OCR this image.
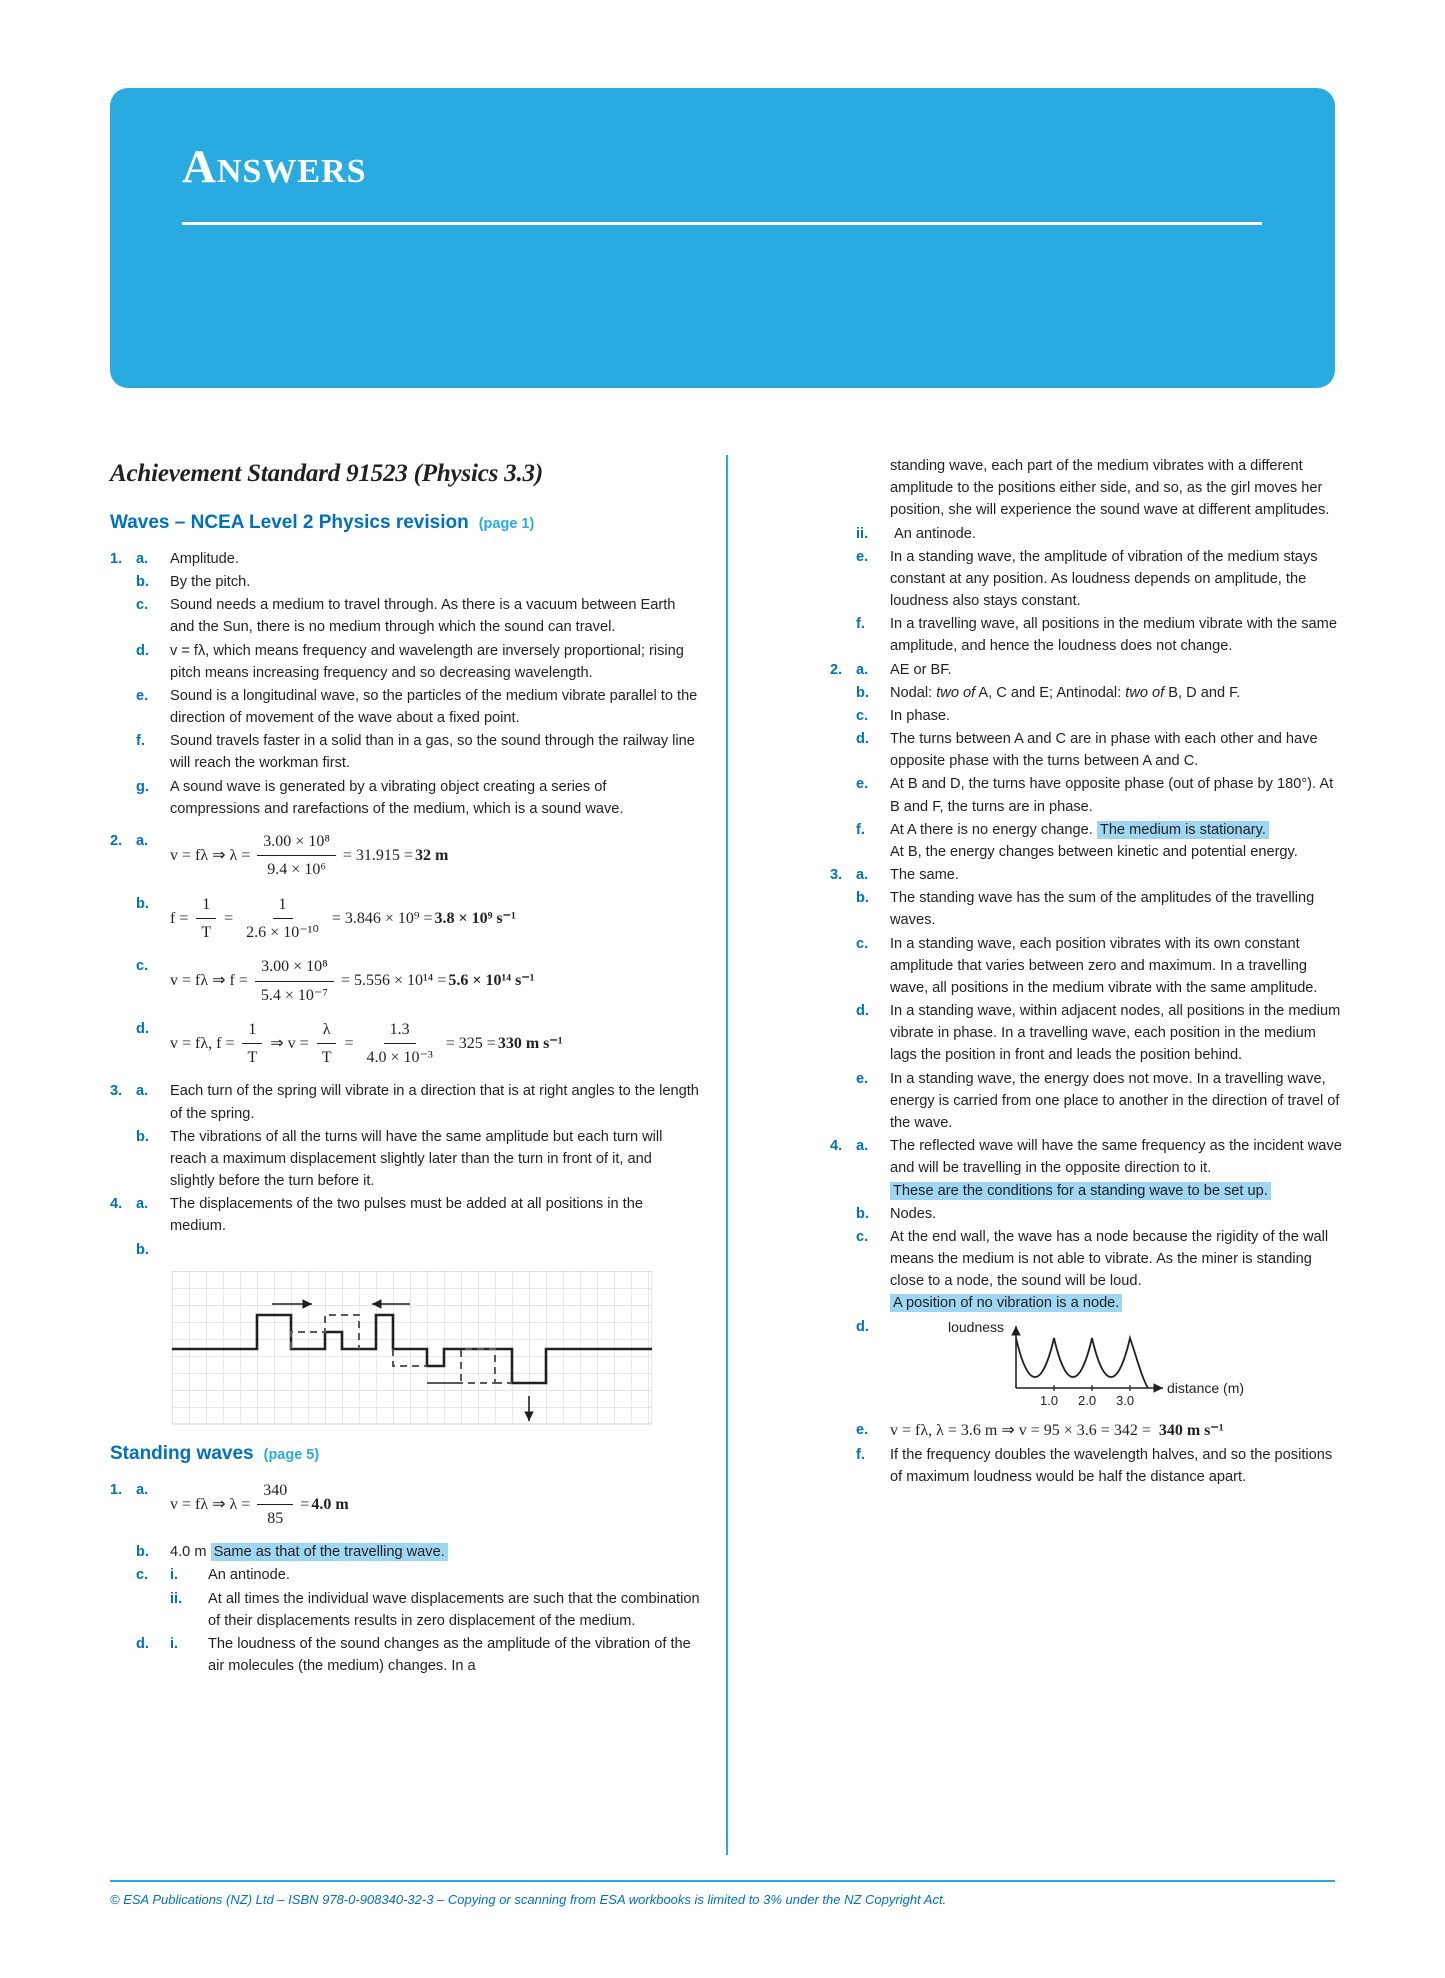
ANSWERS
Achievement Standard 91523 (Physics 3.3)
Waves – NCEA Level 2 Physics revision (page 1)
1. a.	Amplitude.
b.	By the pitch.
c.	Sound needs a medium to travel through. As there is a vacuum between Earth and the Sun, there is no medium through which the sound can travel.
d.	v = fλ, which means frequency and wavelength are inversely proportional; rising pitch means increasing frequency and so decreasing wavelength.
e.	Sound is a longitudinal wave, so the particles of the medium vibrate parallel to the direction of movement of the wave about a fixed point.
f.	Sound travels faster in a solid than in a gas, so the sound through the railway line will reach the workman first.
g.	A sound wave is generated by a vibrating object creating a series of compressions and rarefactions of the medium, which is a sound wave.
2. a.
v = fλ ⇒ $\lambda = \frac{\text{3.00 × 10⁸}}{\text{9.4 × 10⁶}} = 31.915 = 32$ m
b.
$f = \frac{1}{T} = \frac{1}{\text{2.6 × 10⁻¹⁰}} = 3.846 \times 10^9 = 3.8 \times 10^9$ s⁻¹
c.
v = fλ ⇒ $f = \frac{\text{3.00 × 10⁸}}{\text{5.4 × 10⁻⁷}} = 5.556 \times 10^{14} = 5.6 \times 10^{14}$ s⁻¹
d.
v = fλ, $f = \frac{1}{T}$ ⇒ $v = \frac{\lambda}{T} = \frac{1.3}{\text{4.0 × 10⁻³}} = 325 = 330$ m s⁻¹
3. a.	Each turn of the spring will vibrate in a direction that is at right angles to the length of the spring.
b.	The vibrations of all the turns will have the same amplitude but each turn will reach a maximum displacement slightly later than the turn in front of it, and slightly before the turn before it.
4. a.	The displacements of the two pulses must be added at all positions in the medium.
b.
Standing waves (page 5)
1. a.
v = fλ ⇒ $\lambda = \frac{340}{85} = 4.0$ m
b.	4.0 m Same as that of the travelling wave.
c.	i.	An antinode.
ii.	At all times the individual wave displacements are such that the combination of their displacements results in zero displacement of the medium.
d.	i.	The loudness of the sound changes as the amplitude of the vibration of the air molecules (the medium) changes. In a
standing wave, each part of the medium vibrates with a different amplitude to the positions either side, and so, as the girl moves her position, she will experience the sound wave at different amplitudes.
ii.	An antinode.
e.	In a standing wave, the amplitude of vibration of the medium stays constant at any position. As loudness depends on amplitude, the loudness also stays constant.
f.	In a travelling wave, all positions in the medium vibrate with the same amplitude, and hence the loudness does not change.
2. a.	AE or BF.
b.	Nodal: two of A, C and E; Antinodal: two of B, D and F.
c.	In phase.
d.	The turns between A and C are in phase with each other and have opposite phase with the turns between A and C.
e.	At B and D, the turns have opposite phase (out of phase by 180°). At B and F, the turns are in phase.
f.	At A there is no energy change. The medium is stationary.
At B, the energy changes between kinetic and potential energy.
3. a.	The same.
b.	The standing wave has the sum of the amplitudes of the travelling waves.
c.	In a standing wave, each position vibrates with its own constant amplitude that varies between zero and maximum. In a travelling wave, all positions in the medium vibrate with the same amplitude.
d.	In a standing wave, within adjacent nodes, all positions in the medium vibrate in phase. In a travelling wave, each position in the medium lags the position in front and leads the position behind.
e.	In a standing wave, the energy does not move. In a travelling wave, energy is carried from one place to another in the direction of travel of the wave.
4. a.	The reflected wave will have the same frequency as the incident wave and will be travelling in the opposite direction to it.
These are the conditions for a standing wave to be set up.
b.	Nodes.
c.	At the end wall, the wave has a node because the rigidity of the wall means the medium is not able to vibrate. As the miner is standing close to a node, the sound will be loud.
A position of no vibration is a node.
d.	loudness
1.0 2.0 3.0
distance (m)
e.	v = fλ, λ = 3.6 m ⇒ v = 95 × 3.6 = 342 =
340 m s⁻¹
f.	If the frequency doubles the wavelength halves, and so the positions of maximum loudness would be half the distance apart.
© ESA Publications (NZ) Ltd – ISBN 978-0-908340-32-3 – Copying or scanning from ESA workbooks is limited to 3% under the NZ Copyright Act.
